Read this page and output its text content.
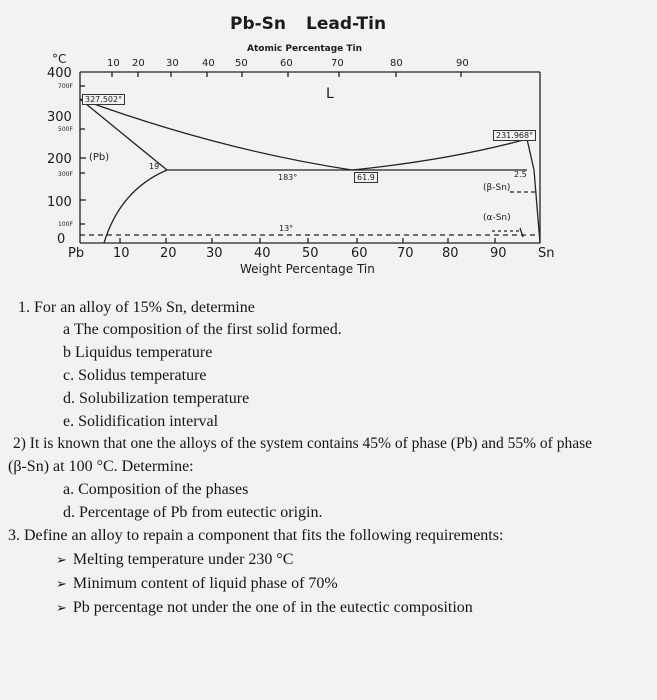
Pb-Sn Lead-Tin
Atomic Percentage Tin
10 20 30 40 50	60	70	80	90
°C
400
700F
300
500F
200
300F
100
100F
0
Pb 10 20 30 40 50 60 70 80 90 Sn
Weight Percentage Tin
327.502°
231.968°
L
(Pb)
19
183°	61.9	2.5
(β-Sn)
(α-Sn)
13°
1. For an alloy of 15% Sn, determine
a The composition of the first solid formed.
b Liquidus temperature
c. Solidus temperature
d. Solubilization temperature
e. Solidification interval
2) It is known that one the alloys of the system contains 45% of phase (Pb) and 55% of phase
(β-Sn) at 100 °C. Determine:
a. Composition of the phases
d. Percentage of Pb from eutectic origin.
3. Define an alloy to repain a component that fits the following requirements:
➢ Melting temperature under 230 °C
➢ Minimum content of liquid phase of 70%
➢ Pb percentage not under the one of in the eutectic composition
